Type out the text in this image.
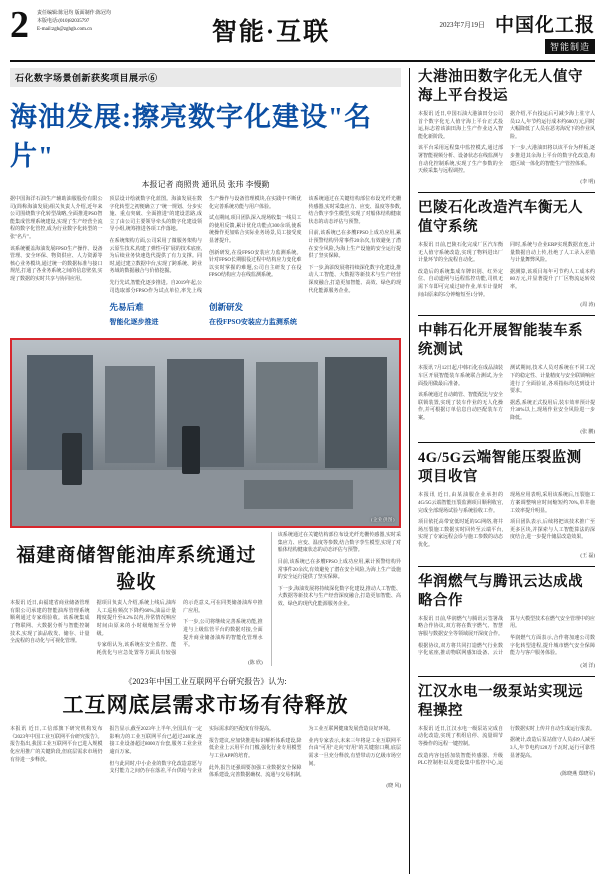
2	责任编辑:陈冠均 版面制作:陈冠均
本版电话:(010)82035797
E-mail:zgh@zghgb.com.cn	智能·互联	2023年7月19日 中国化工报
智能制造
石化数字场景创新获奖项目展示⑥
海油发展:擦亮数字化建设"名片"
本报记者 商照贵 通讯员 张玮 李慢勤

据中国海洋石油生产辅助油服股份有限公司(简称海油发展)相关负责人介绍,近年来公司围绕数字化转型战略,全面推进PSO智能集成管理系统建设,实现了生产经营全流程的数字化管控,成为行业数字化转型的一张"名片"。

该系统覆盖海油发展FPSO生产操作、设备管理、安全环保、物资供应、人力资源等核心业务模块,通过统一的数据标准与接口规范,打通了各业务系统之间的信息壁垒,实现了数据的实时共享与协同应用。

顶层设计绘就数字化蓝图。海油发展在数字化转型之初便确立了"统一规划、分步实施、重点突破、全面推进"的建设思路,成立了由公司主要领导牵头的数字化建设领导小组,统筹推进各项工作落地。

在系统架构方面,公司采用了微服务架构与云原生技术,构建了弹性可扩展的技术底座,为后续业务快速迭代提供了有力支撑。同时,通过建立数据中台,实现了跨系统、跨业务域的数据融合与价值挖掘。

先行先试,智能化逐步推进。自2019年起,公司选取部分FPSO作为试点单位,率先上线生产操作与设备管理模块,在实践中不断优化完善系统功能与用户体验。

试点期间,项目团队深入现场收集一线员工的使用反馈,累计优化功能点300余项,使系统操作更加贴合实际业务场景,员工接受度显著提升。

创新研发,在役FPSO安装应力监测系统。针对FPSO长期服役过程中结构应力变化难以实时掌握的难题,公司自主研发了在役FPSO结构应力在线监测系统。

该系统通过在关键结构部位布设光纤光栅传感器,实时采集应力、应变、温度等参数,结合数字孪生模型,实现了对船体结构健康状态的动态评估与预警。

目前,该系统已在多艘FPSO上成功应用,累计预警结构异常事件20余次,有效避免了潜在安全风险,为海上生产设施的安全运行提供了坚实保障。

下一步,海油发展将持续深化数字化建设,推动人工智能、大数据等新技术与生产经营深度融合,打造更加智能、高效、绿色的现代化能源服务企业。

先易后难
智能化逐步推进
创新研发
在役FPSO安装应力监测系统
(企业供图)
福建商储智能油库系统通过验收

本报讯 近日,由福建省商业储备管理有限公司承建的智能油库管理系统顺利通过专家组验收。该系统集成了物联网、大数据分析与智能控制技术,实现了油品收发、储存、计量全流程的自动化与可视化管理。

据项目负责人介绍,系统上线后,油库人工巡检频次下降约60%,油品计量精度提升至0.2%以内,异常情况响应时间由原来的小时级缩短至分钟级。

专家组认为,该系统在安全监控、能耗优化与应急处置等方面具有较强的示范意义,可在同类储备油库中推广应用。

下一步,公司将继续完善系统功能,推进与上级监管平台的数据对接,全面提升商业储备油库的智能化管理水平。

(陈 欣)

该系统通过在关键结构部位布设光纤光栅传感器,实时采集应力、应变、温度等参数,结合数字孪生模型,实现了对船体结构健康状态的动态评估与预警。

目前,该系统已在多艘FPSO上成功应用,累计预警结构异常事件20余次,有效避免了潜在安全风险,为海上生产设施的安全运行提供了坚实保障。

下一步,海油发展将持续深化数字化建设,推动人工智能、大数据等新技术与生产经营深度融合,打造更加智能、高效、绿色的现代化能源服务企业。

《2023年中国工业互联网平台研究报告》认为:
工互网底层需求市场有待释放

本报讯 近日,工信部旗下研究机构发布《2023年中国工业互联网平台研究报告》。报告指出,我国工业互联网平台已进入规模化应用推广的关键阶段,但底层需求市场仍有待进一步释放。

报告显示,截至2023年上半年,全国具有一定影响力的工业互联网平台已超过240家,连接工业设备超过8000万台套,服务工业企业逾百万家。

但与此同时,中小企业的数字化改造意愿与支付能力之间仍存在落差,平台供给与企业实际需求的匹配度有待提高。

报告建议,应加快推进标识解析体系建设,降低企业上云用平台门槛,强化行业专用模型与工业APP的培育。

此外,报告还强调要加强工业数据安全保障体系建设,完善数据确权、流通与交易机制,为工业互联网健康发展营造良好环境。

业内专家表示,未来三年将是工业互联网平台由"可用"走向"好用"的关键窗口期,底层需求一旦充分释放,有望带动万亿级市场空间。

(晓 风)
大港油田数字化无人值守海上平台投运

本报讯 近日,中国石油大港油田分公司首个数字化无人值守海上平台正式投运,标志着该油田海上生产作业迈入智能化新阶段。

该平台采用远程集中监控模式,通过部署智能视频分析、设备状态在线监测与自动化控制系统,实现了生产参数的全天候采集与远程调控。

据介绍,平台投运后可减少海上驻守人员12人,年节约运行成本约600万元,同时大幅降低了人员在恶劣海况下的作业风险。

下一步,大港油田将以该平台为样板,逐步推进其余海上平台的数字化改造,构建区域一体化的智能生产管控体系。

(李 明)
巴陵石化改造汽车衡无人值守系统

本报讯 日前,巴陵石化完成厂区汽车衡无人值守系统改造,实现了物料进出厂计量环节的全流程自动化。

改造后的系统集成车牌识别、红外定位、自动道闸与远程监控功能,司机无需下车即可完成过磅作业,单车计量时间由原来的5分钟缩短至1分钟。

同时,系统与企业ERP实现数据直连,计量数据自动上传,杜绝了人工录入差错与计量舞弊风险。

据测算,该项目每年可节约人工成本约80万元,并显著提升了厂区物流运转效率。

(周 涛)
中韩石化开展智能装车系统测试

本报讯 7月12日起,中韩石化在成品油装车区开展智能装车系统联合测试,为全面投用做最后准备。

该系统通过自动鹤管、智能配比与安全联锁装置,实现了装车作业的无人化操作,并可根据订单信息自动匹配装车方案。

测试期间,技术人员对系统在不同工况下的稳定性、计量精度与安全联锁响应进行了全面验证,各项指标均达到设计要求。

据悉,系统正式投用后,装车效率预计提升30%以上,现场作业安全风险进一步降低。

(张 鹏)
4G/5G云端智能压裂监测项目收官

本报讯 近日,由某油服企业承担的4G/5G云端智能压裂监测项目顺利收官,完成全部现场试验与系统验收工作。

项目依托高带宽低时延的5G网络,将井场压裂施工数据实时回传至云端平台,实现了专家远程会诊与施工参数的动态优化。

现场应用表明,采用该系统后,压裂施工方案调整响应时间缩短约70%,单井施工效率提升明显。

项目团队表示,后续将把该技术推广至更多区块,并探索与人工智能算法的深度结合,进一步提升储层改造效果。

(王 磊)
华润燃气与腾讯云达成战略合作

本报讯 日前,华润燃气与腾讯云签署战略合作协议,双方将在数字燃气、智慧客服与数据安全等领域展开深度合作。

根据协议,双方将共同打造燃气行业数字化底座,推动物联网感知设备、云计算与大模型技术在燃气安全管理中的应用。

华润燃气方面表示,合作将加速公司数字化转型进程,提升城市燃气安全保障能力与客户服务体验。

(刘 洋)
江汉水电一级泵站实现远程操控

本报讯 近日,江汉水电一级泵站完成自动化改造,实现了机组启停、流量调节等操作的远程一键控制。

改造内容包括加装智能传感器、升级PLC控制柜以及建设集中监控中心,运行数据实时上传并自动生成运行报表。

据统计,改造后泵站值守人员由9人减至3人,年节电约120万千瓦时,运行可靠性显著提高。

(陈晓燕 郑晓军)
